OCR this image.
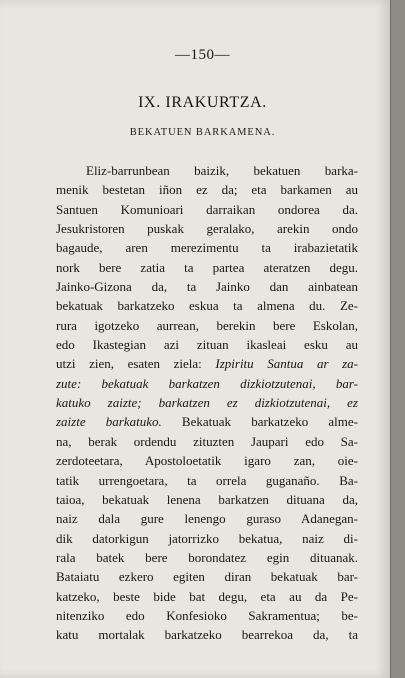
—150—
IX. IRAKURTZA.
BEKATUEN BARKAMENA.
Eliz-barrunbean baizik, bekatuen barka-
menik bestetan iñon ez da; eta barkamen au
Santuen Komunioari darraikan ondorea da.
Jesukristoren puskak geralako, arekin ondo
bagaude, aren merezimentu ta irabazietatik
nork bere zatia ta partea ateratzen degu.
Jainko-Gizona da, ta Jainko dan ainbatean
bekatuak barkatzeko eskua ta almena du. Ze-
rura igotzeko aurrean, berekin bere Eskolan,
edo Ikastegian azi zituan ikasleai esku au
utzi zien, esaten ziela: Izpiritu Santua ar za-
zute: bekatuak barkatzen dizkiotzutenai, bar-
katuko zaizte; barkatzen ez dizkiotzutenai, ez
zaizte barkatuko. Bekatuak barkatzeko alme-
na, berak ordendu zituzten Jaupari edo Sa-
zerdoteetara, Apostoloetatik igaro zan, oie-
tatik urrengoetara, ta orrela guganaño. Ba-
taioa, bekatuak lenena barkatzen dituana da,
naiz dala gure lenengo guraso Adanegan-
dik datorkigun jatorrizko bekatua, naiz di-
rala batek bere borondatez egin dituanak.
Bataiatu ezkero egiten diran bekatuak bar-
katzeko, beste bide bat degu, eta au da Pe-
nitenziko edo Konfesioko Sakramentua; be-
katu mortalak barkatzeko bearrekoa da, ta
